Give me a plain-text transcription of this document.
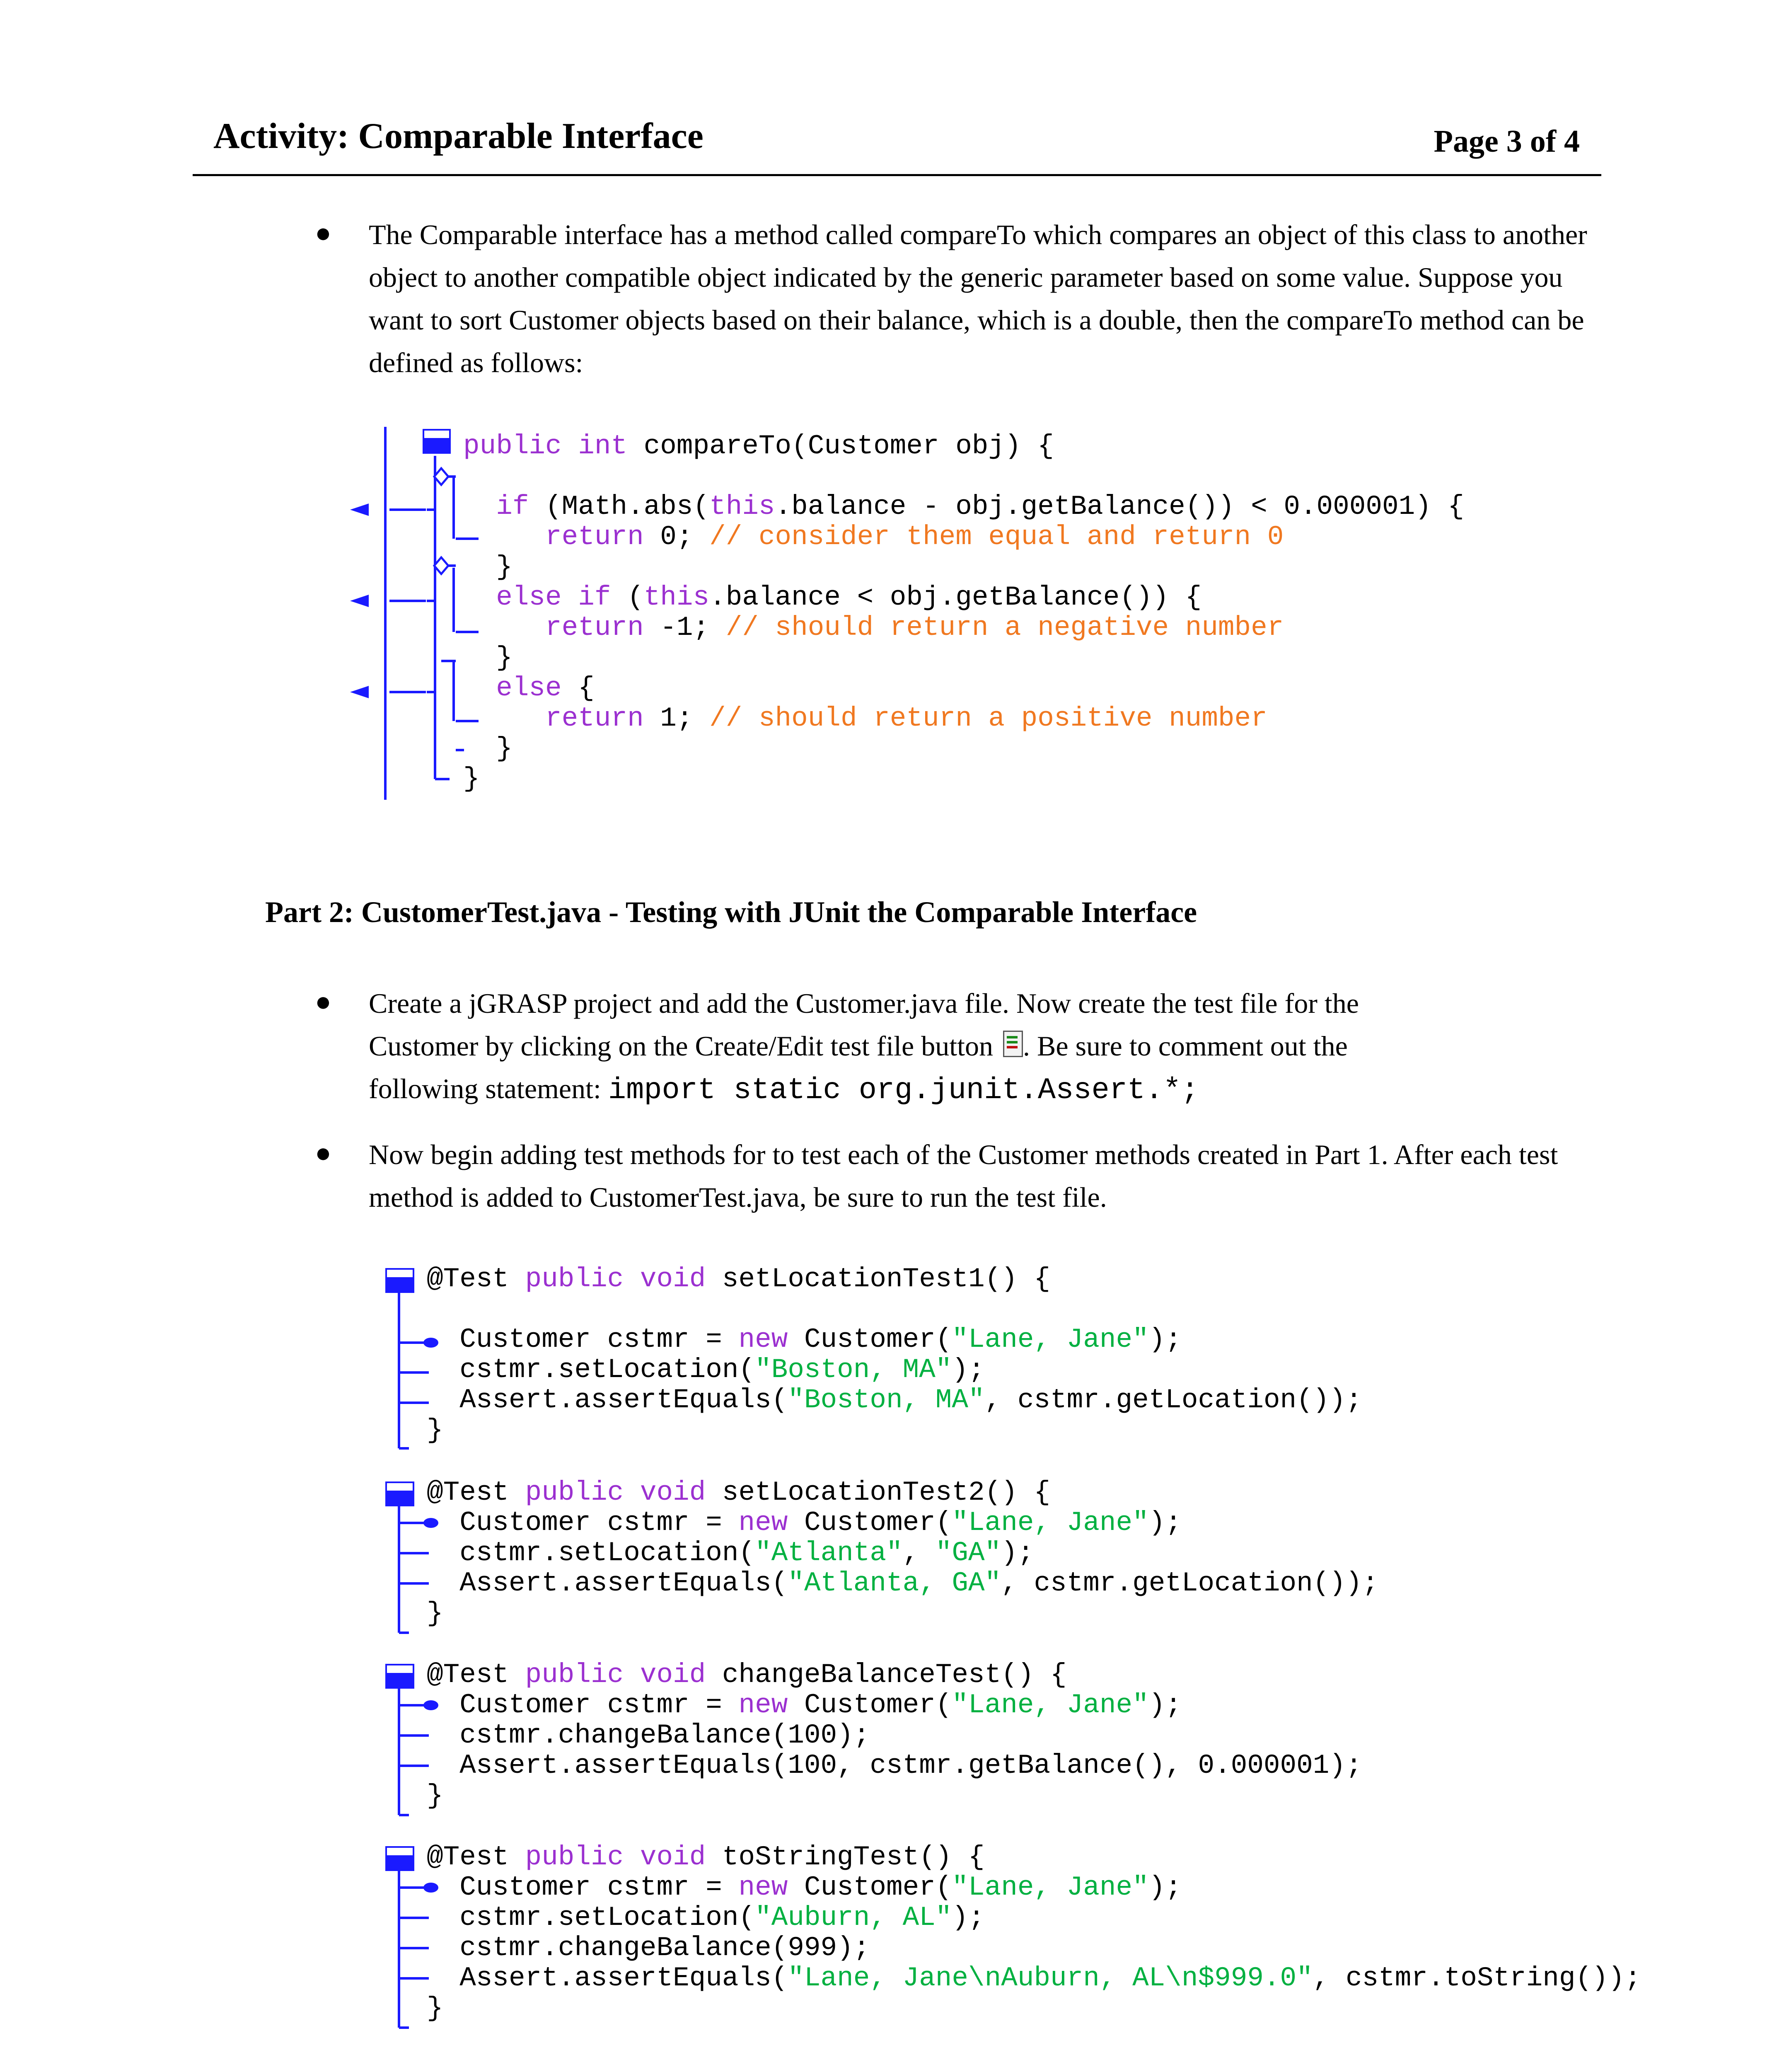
Activity: Comparable Interface	Page 3 of 4
● The Comparable interface has a method called compareTo which compares an object of this class to another object to another compatible object indicated by the generic parameter based on some value. Suppose you want to sort Customer objects based on their balance, which is a double, then the compareTo method can be defined as follows:
public int compareTo(Customer obj) {
if (Math.abs(this.balance - obj.getBalance()) < 0.000001) {
return 0; // consider them equal and return 0
}
else if (this.balance < obj.getBalance()) {
return -1; // should return a negative number
}
else {
return 1; // should return a positive number
}
}
Part 2: CustomerTest.java - Testing with JUnit the Comparable Interface
● Create a jGRASP project and add the Customer.java file. Now create the test file for the
Customer by clicking on the Create/Edit test file button . Be sure to comment out the
following statement: import static org.junit.Assert.*;
● Now begin adding test methods for to test each of the Customer methods created in Part 1. After each test method is added to CustomerTest.java, be sure to run the test file.
@Test public void setLocationTest1() {
Customer cstmr = new Customer("Lane, Jane");
cstmr.setLocation("Boston, MA");
Assert.assertEquals("Boston, MA", cstmr.getLocation());
}
@Test public void setLocationTest2() {
Customer cstmr = new Customer("Lane, Jane");
cstmr.setLocation("Atlanta", "GA");
Assert.assertEquals("Atlanta, GA", cstmr.getLocation());
}
@Test public void changeBalanceTest() {
Customer cstmr = new Customer("Lane, Jane");
cstmr.changeBalance(100);
Assert.assertEquals(100, cstmr.getBalance(), 0.000001);
}
@Test public void toStringTest() {
Customer cstmr = new Customer("Lane, Jane");
cstmr.setLocation("Auburn, AL");
cstmr.changeBalance(999);
Assert.assertEquals("Lane, Jane\nAuburn, AL\n$999.0", cstmr.toString());
}
